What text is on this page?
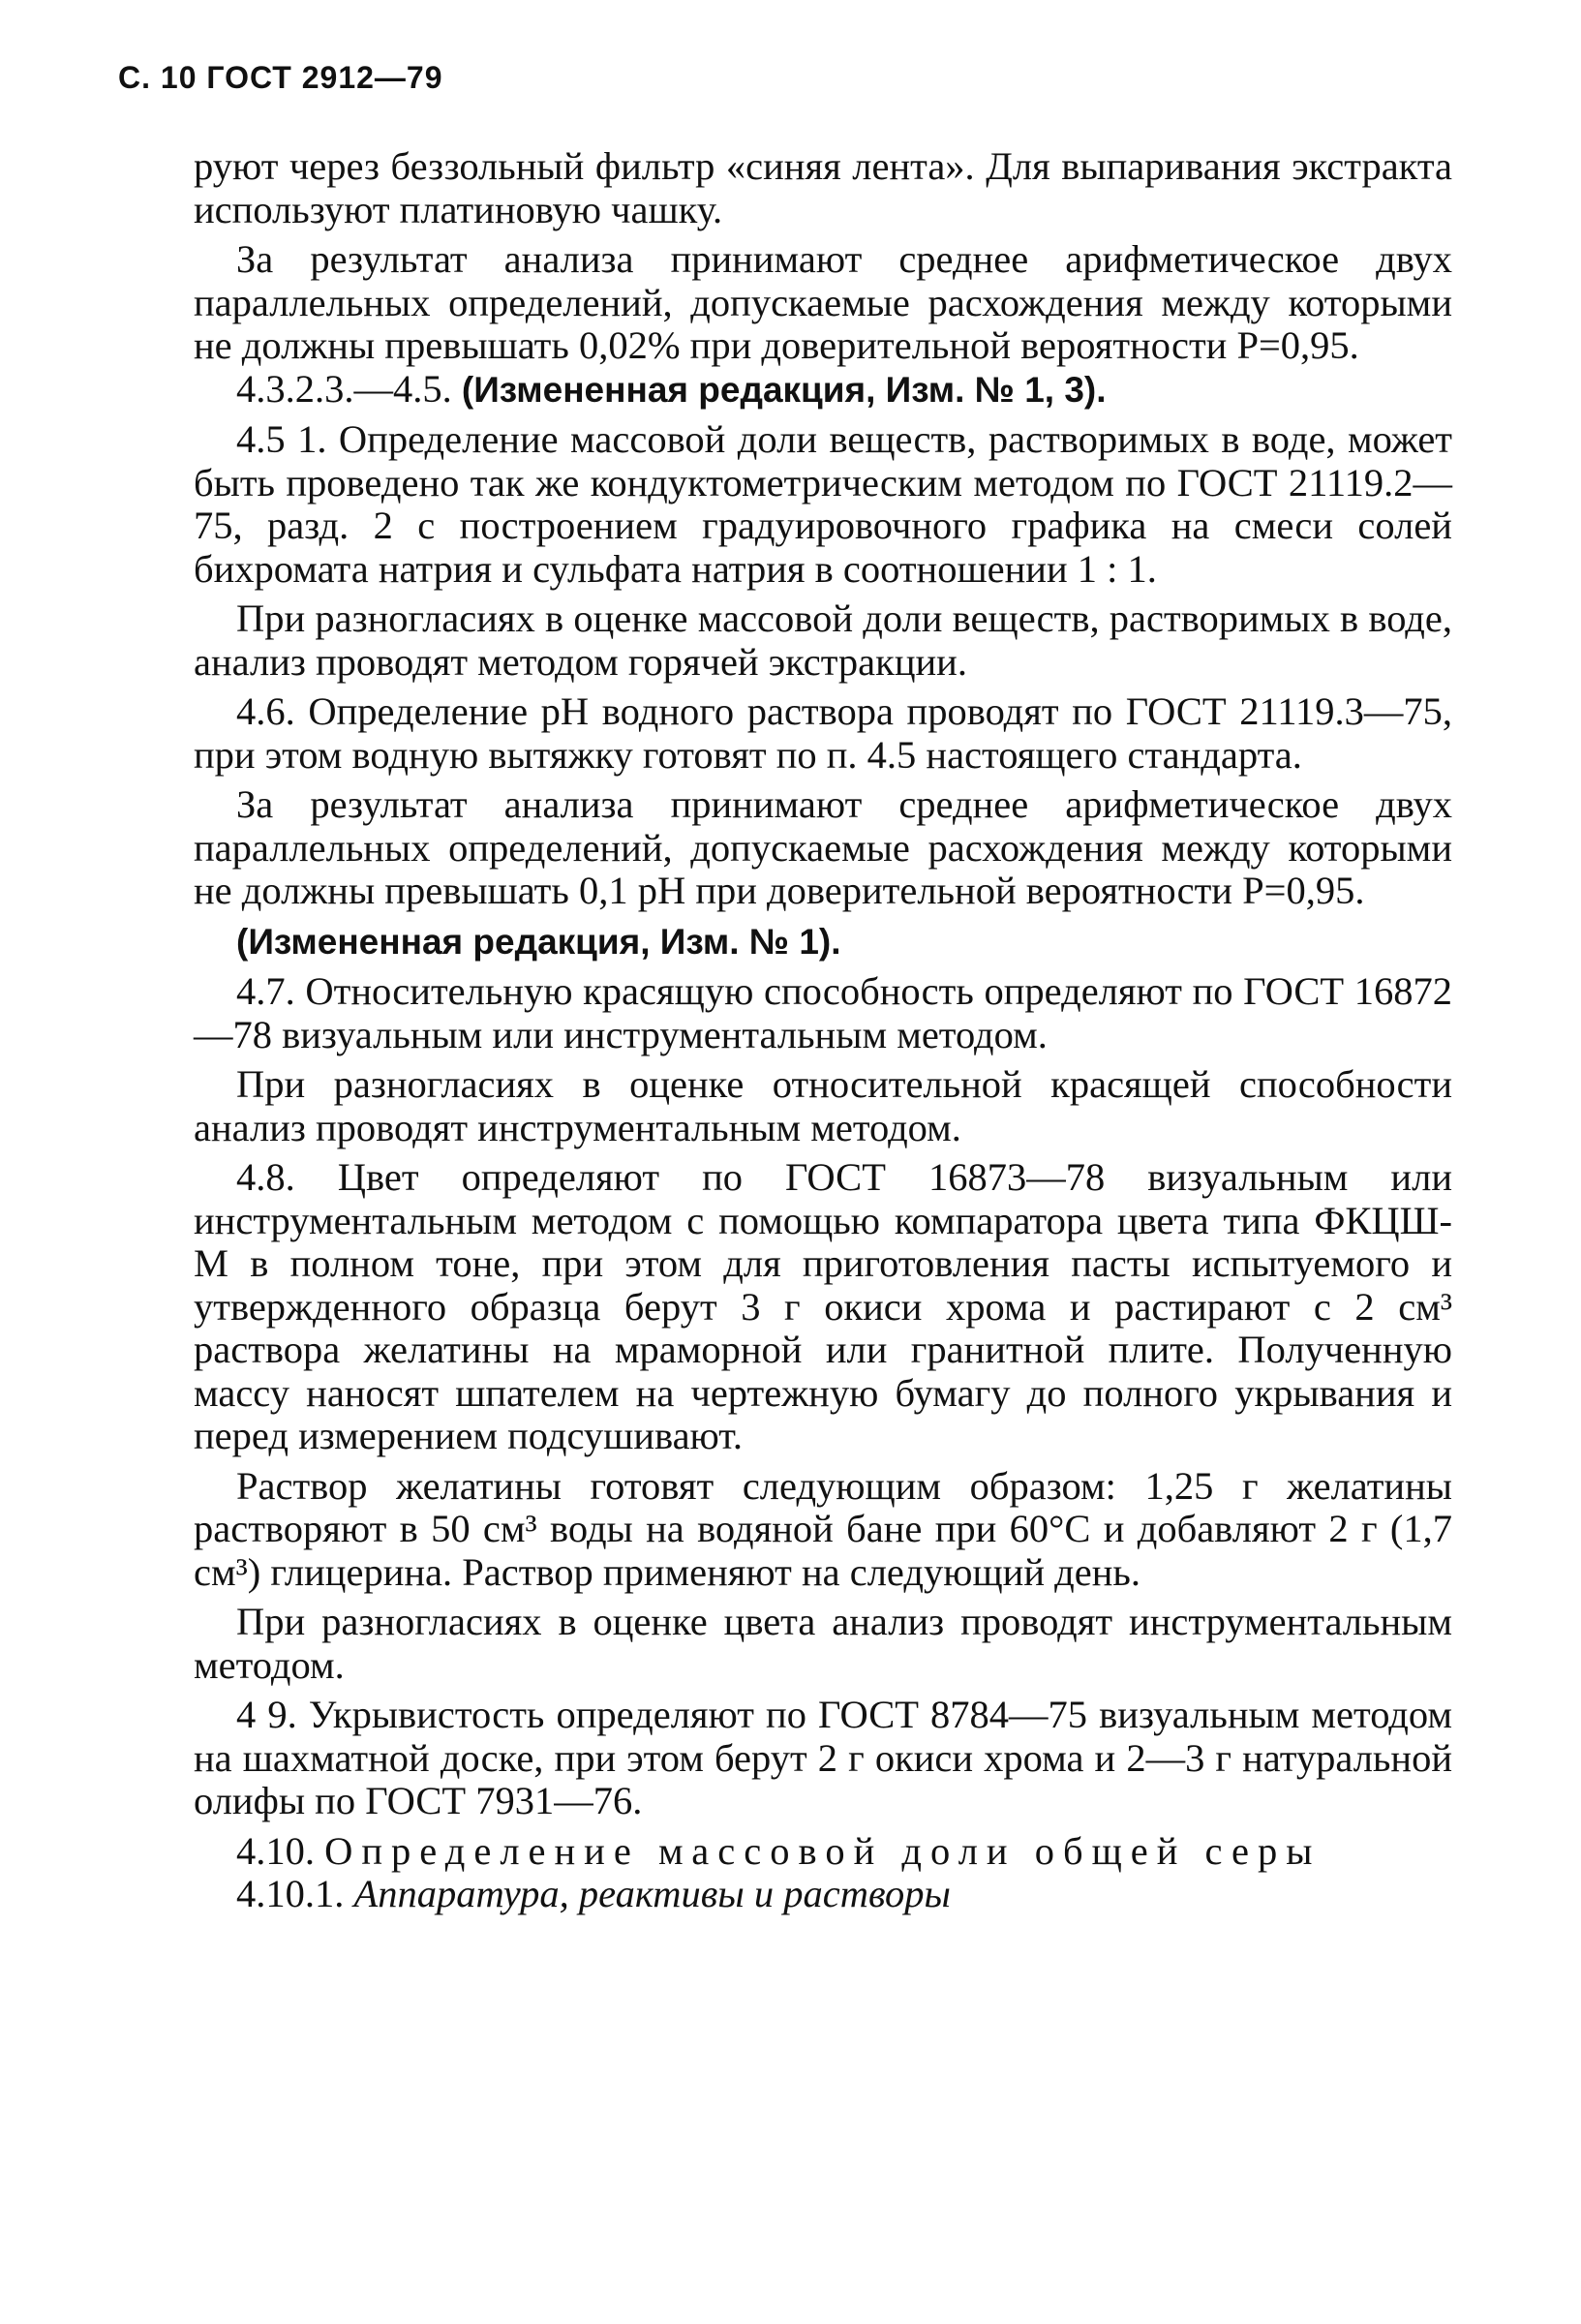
С. 10 ГОСТ 2912—79

руют через беззольный фильтр «синяя лента». Для выпаривания экстракта используют платиновую чашку.

За результат анализа принимают среднее арифметическое двух параллельных определений, допускаемые расхождения между которыми не должны превышать 0,02% при доверительной вероятности P=0,95.

4.3.2.3.—4.5. (Измененная редакция, Изм. № 1, 3).

4.5 1. Определение массовой доли веществ, растворимых в воде, может быть проведено так же кондуктометрическим методом по ГОСТ 21119.2—75, разд. 2 с построением градуировочного графика на смеси солей бихромата натрия и сульфата натрия в соотношении 1 : 1.

При разногласиях в оценке массовой доли веществ, растворимых в воде, анализ проводят методом горячей экстракции.

4.6. Определение pH водного раствора проводят по ГОСТ 21119.3—75, при этом водную вытяжку готовят по п. 4.5 настоящего стандарта.

За результат анализа принимают среднее арифметическое двух параллельных определений, допускаемые расхождения между которыми не должны превышать 0,1 pH при доверительной вероятности P=0,95.

(Измененная редакция, Изм. № 1).

4.7. Относительную красящую способность определяют по ГОСТ 16872—78 визуальным или инструментальным методом.

При разногласиях в оценке относительной красящей способности анализ проводят инструментальным методом.

4.8. Цвет определяют по ГОСТ 16873—78 визуальным или инструментальным методом с помощью компаратора цвета типа ФКЦШ-М в полном тоне, при этом для приготовления пасты испытуемого и утвержденного образца берут 3 г окиси хрома и растирают с 2 см³ раствора желатины на мраморной или гранитной плите. Полученную массу наносят шпателем на чертежную бумагу до полного укрывания и перед измерением подсушивают.

Раствор желатины готовят следующим образом: 1,25 г желатины растворяют в 50 см³ воды на водяной бане при 60°С и добавляют 2 г (1,7 см³) глицерина. Раствор применяют на следующий день.

При разногласиях в оценке цвета анализ проводят инструментальным методом.

4 9. Укрывистость определяют по ГОСТ 8784—75 визуальным методом на шахматной доске, при этом берут 2 г окиси хрома и 2—3 г натуральной олифы по ГОСТ 7931—76.

4.10. Определение массовой доли общей серы

4.10.1. Аппаратура, реактивы и растворы
